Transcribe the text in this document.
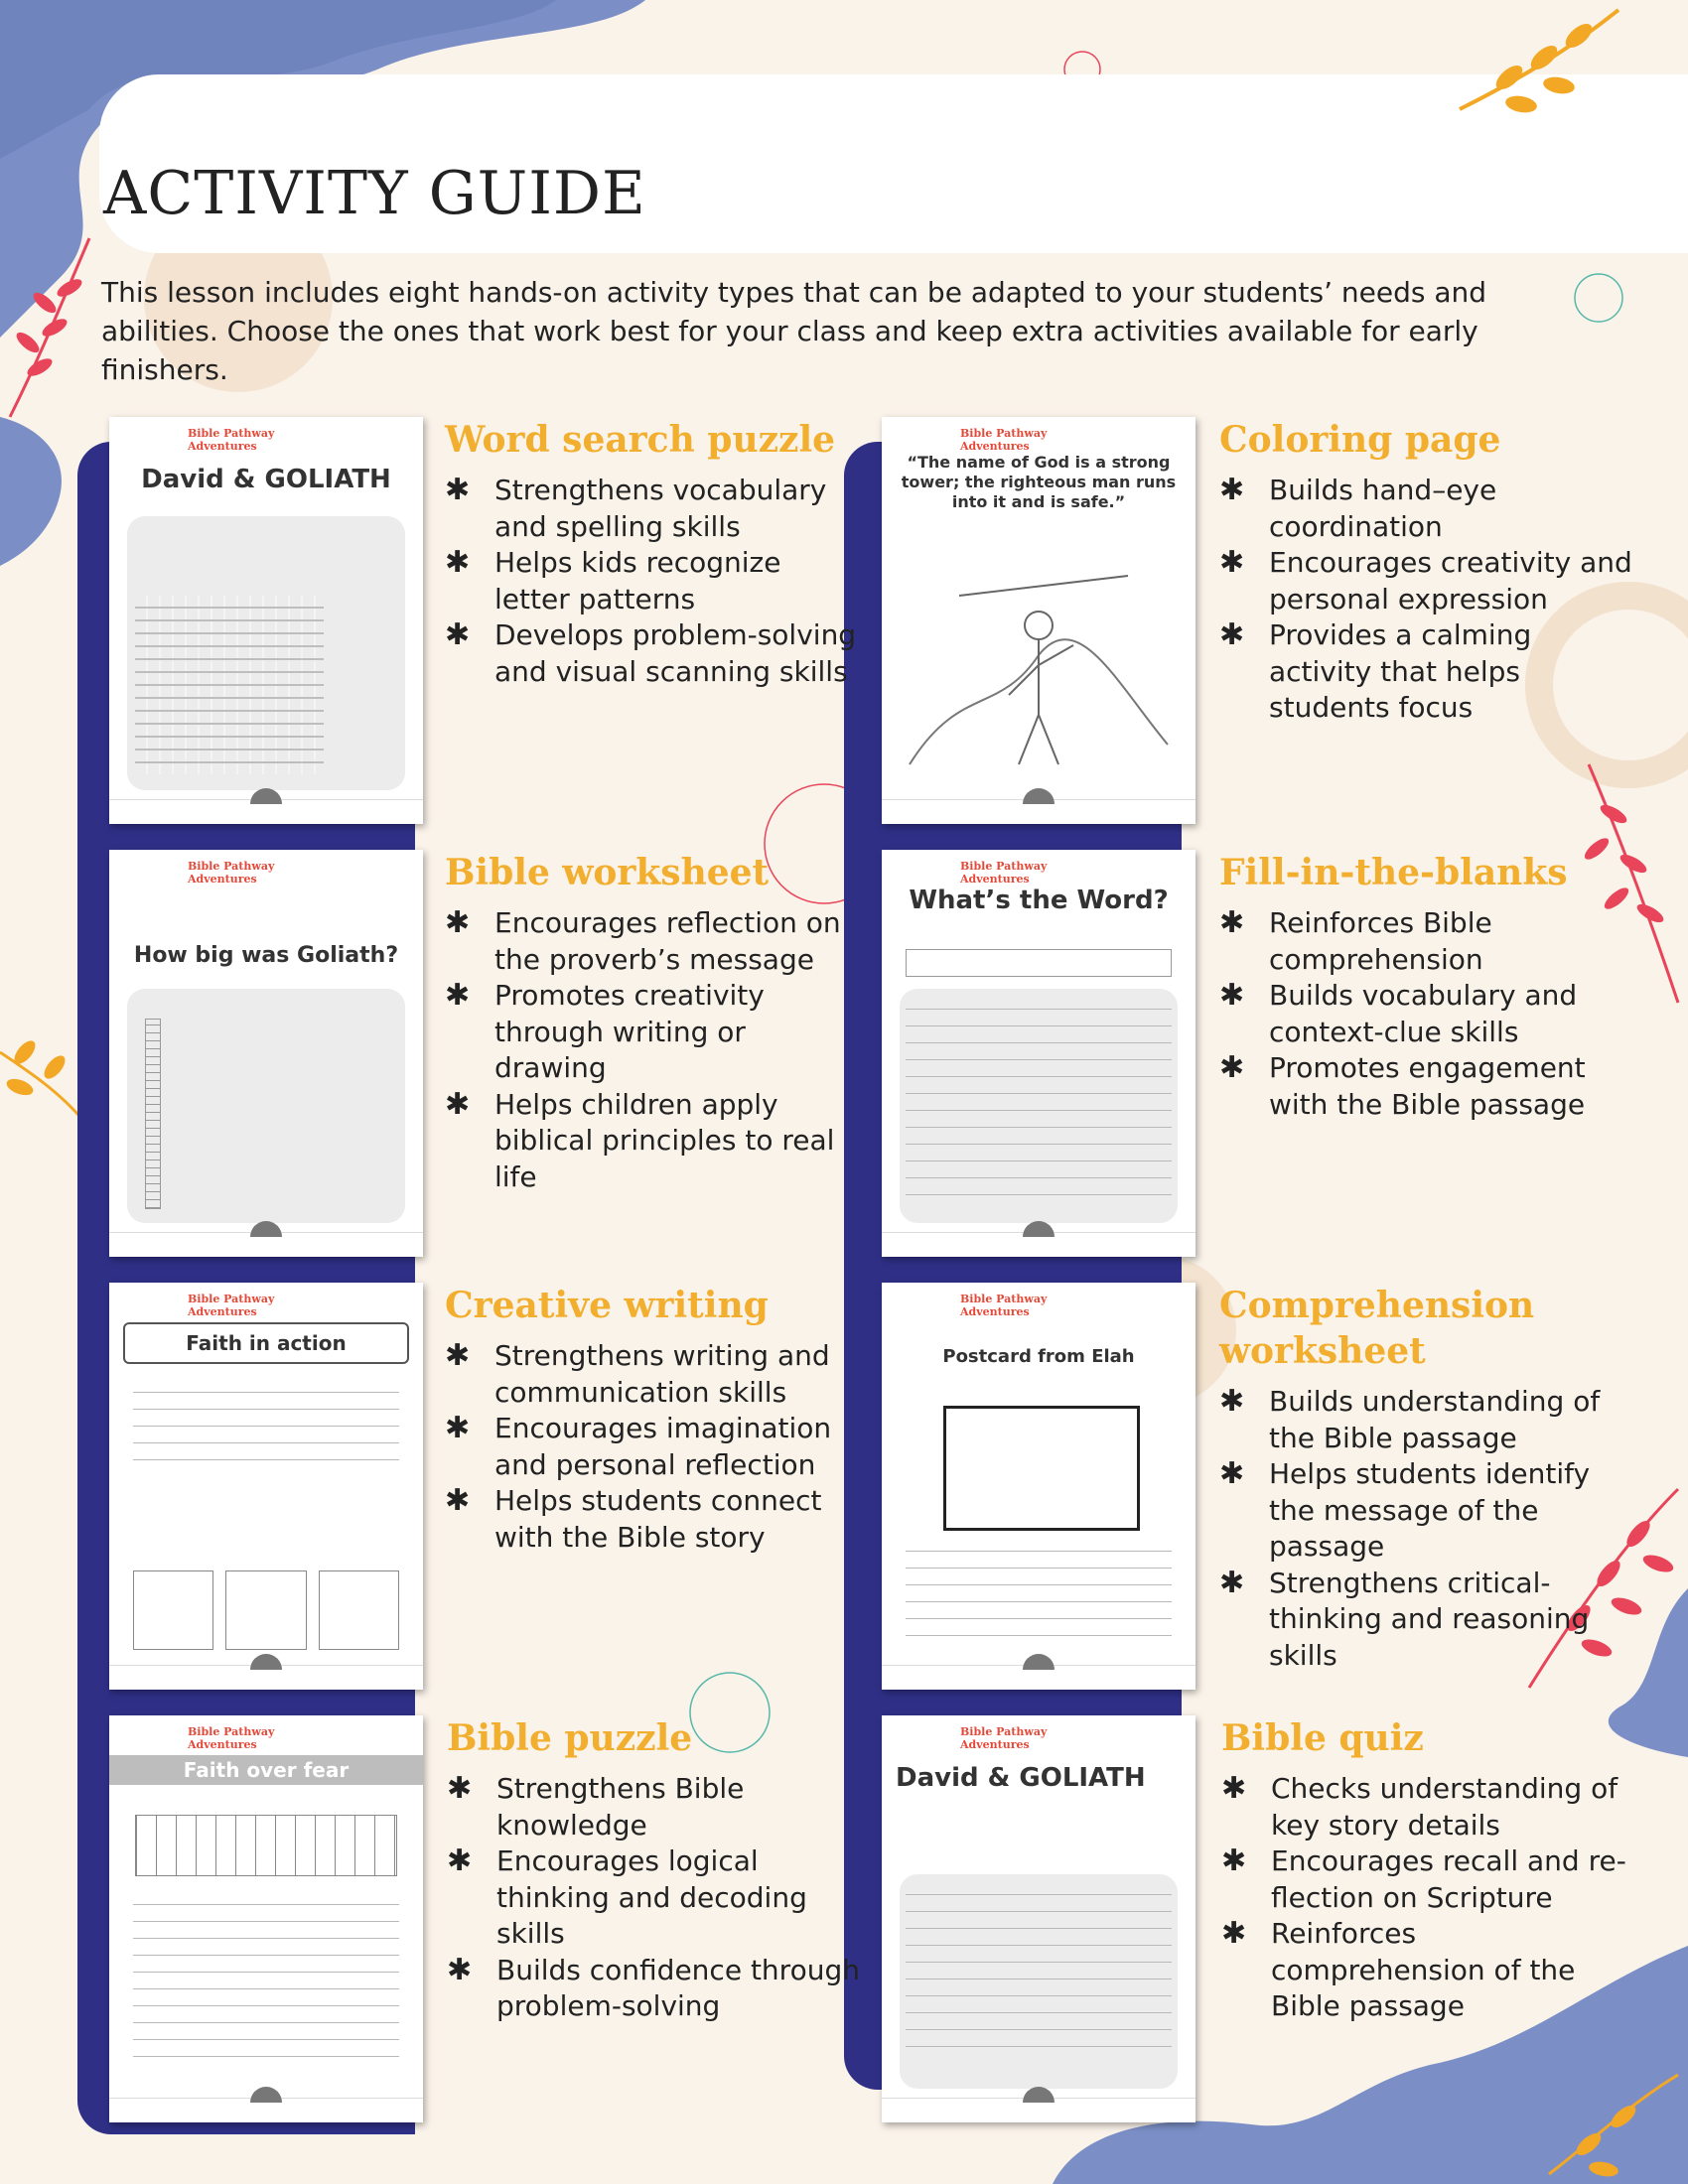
ACTIVITY GUIDE

This lesson includes eight hands-on activity types that can be adapted to your students’ needs and abilities. Choose the ones that work best for your class and keep extra activities available for early finishers.

Bible Pathway Adventures
David & GOLIATH
Word search puzzle
✱ Strengthens vocabulary and spelling skills
✱ Helps kids recognize letter patterns
✱ Develops problem-solving and visual scanning skills
Bible Pathway Adventures
“The name of God is a strong tower; the righteous man runs into it and is safe.”
Coloring page
✱ Builds hand–eye coordination
✱ Encourages creativity and personal expression
✱ Provides a calming activity that helps students focus
Bible Pathway Adventures
How big was Goliath?
Bible worksheet
✱ Encourages reflection on the proverb’s message
✱ Promotes creativity through writing or drawing
✱ Helps children apply biblical principles to real life
Bible Pathway Adventures
What’s the Word?
Fill-in-the-blanks
✱ Reinforces Bible comprehension
✱ Builds vocabulary and context-clue skills
✱ Promotes engagement with the Bible passage
Bible Pathway Adventures
Faith in action
Creative writing
✱ Strengthens writing and communication skills
✱ Encourages imagination and personal reflection
✱ Helps students connect with the Bible story
Bible Pathway Adventures
Postcard from Elah
Comprehension worksheet
✱ Builds understanding of the Bible passage
✱ Helps students identify the message of the passage
✱ Strengthens critical-thinking and reasoning skills
Bible Pathway Adventures
Faith over fear
Bible puzzle
✱ Strengthens Bible knowledge
✱ Encourages logical thinking and decoding skills
✱ Builds confidence through problem-solving
Bible Pathway Adventures
David & GOLIATH
Bible quiz
✱ Checks understanding of key story details
✱ Encourages recall and re-flection on Scripture
✱ Reinforces comprehension of the Bible passage
